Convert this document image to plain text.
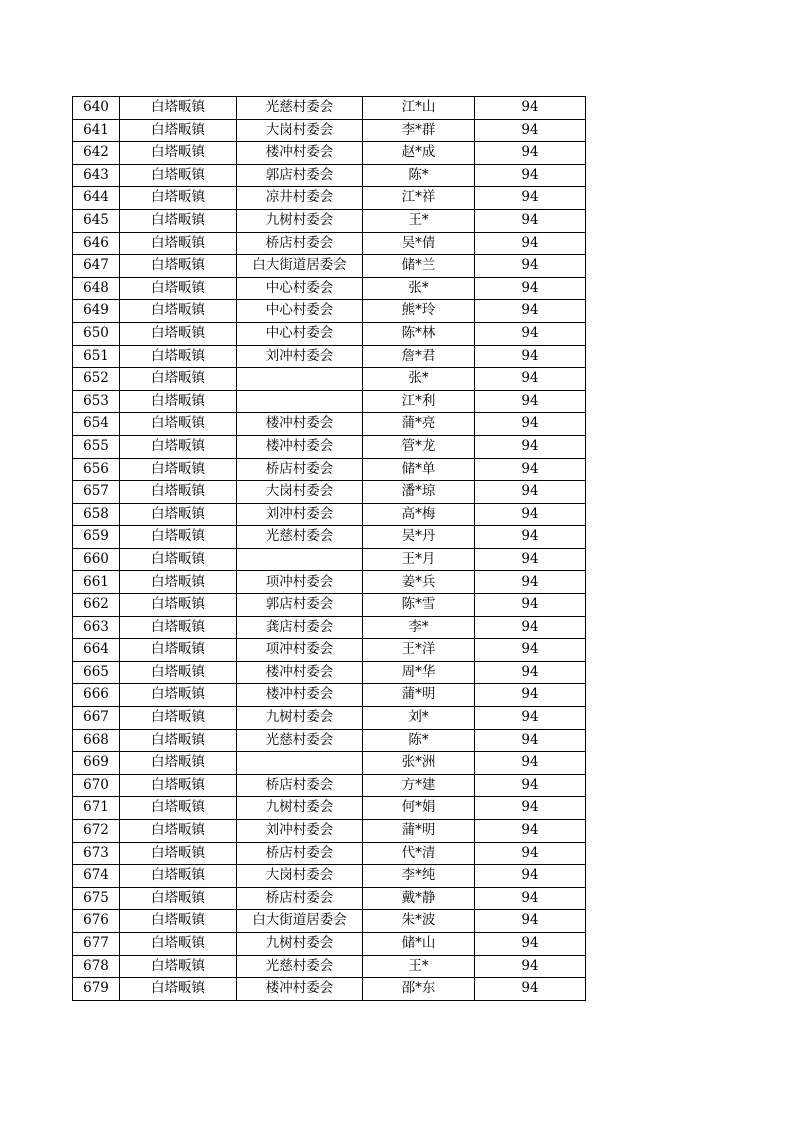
640	白塔畈镇	光慈村委会	江*山	94
641	白塔畈镇	大岗村委会	李*群	94
642	白塔畈镇	楼冲村委会	赵*成	94
643	白塔畈镇	郭店村委会	陈*	94
644	白塔畈镇	凉井村委会	江*祥	94
645	白塔畈镇	九树村委会	王*	94
646	白塔畈镇	桥店村委会	吴*倩	94
647	白塔畈镇	白大街道居委会	储*兰	94
648	白塔畈镇	中心村委会	张*	94
649	白塔畈镇	中心村委会	熊*玲	94
650	白塔畈镇	中心村委会	陈*林	94
651	白塔畈镇	刘冲村委会	詹*君	94
652	白塔畈镇		张*	94
653	白塔畈镇		江*利	94
654	白塔畈镇	楼冲村委会	蒲*亮	94
655	白塔畈镇	楼冲村委会	管*龙	94
656	白塔畈镇	桥店村委会	储*单	94
657	白塔畈镇	大岗村委会	潘*琼	94
658	白塔畈镇	刘冲村委会	高*梅	94
659	白塔畈镇	光慈村委会	吴*丹	94
660	白塔畈镇		王*月	94
661	白塔畈镇	项冲村委会	姜*兵	94
662	白塔畈镇	郭店村委会	陈*雪	94
663	白塔畈镇	龚店村委会	李*	94
664	白塔畈镇	项冲村委会	王*洋	94
665	白塔畈镇	楼冲村委会	周*华	94
666	白塔畈镇	楼冲村委会	蒲*明	94
667	白塔畈镇	九树村委会	刘*	94
668	白塔畈镇	光慈村委会	陈*	94
669	白塔畈镇		张*洲	94
670	白塔畈镇	桥店村委会	方*建	94
671	白塔畈镇	九树村委会	何*娟	94
672	白塔畈镇	刘冲村委会	蒲*明	94
673	白塔畈镇	桥店村委会	代*清	94
674	白塔畈镇	大岗村委会	李*纯	94
675	白塔畈镇	桥店村委会	戴*静	94
676	白塔畈镇	白大街道居委会	朱*波	94
677	白塔畈镇	九树村委会	储*山	94
678	白塔畈镇	光慈村委会	王*	94
679	白塔畈镇	楼冲村委会	邵*东	94
